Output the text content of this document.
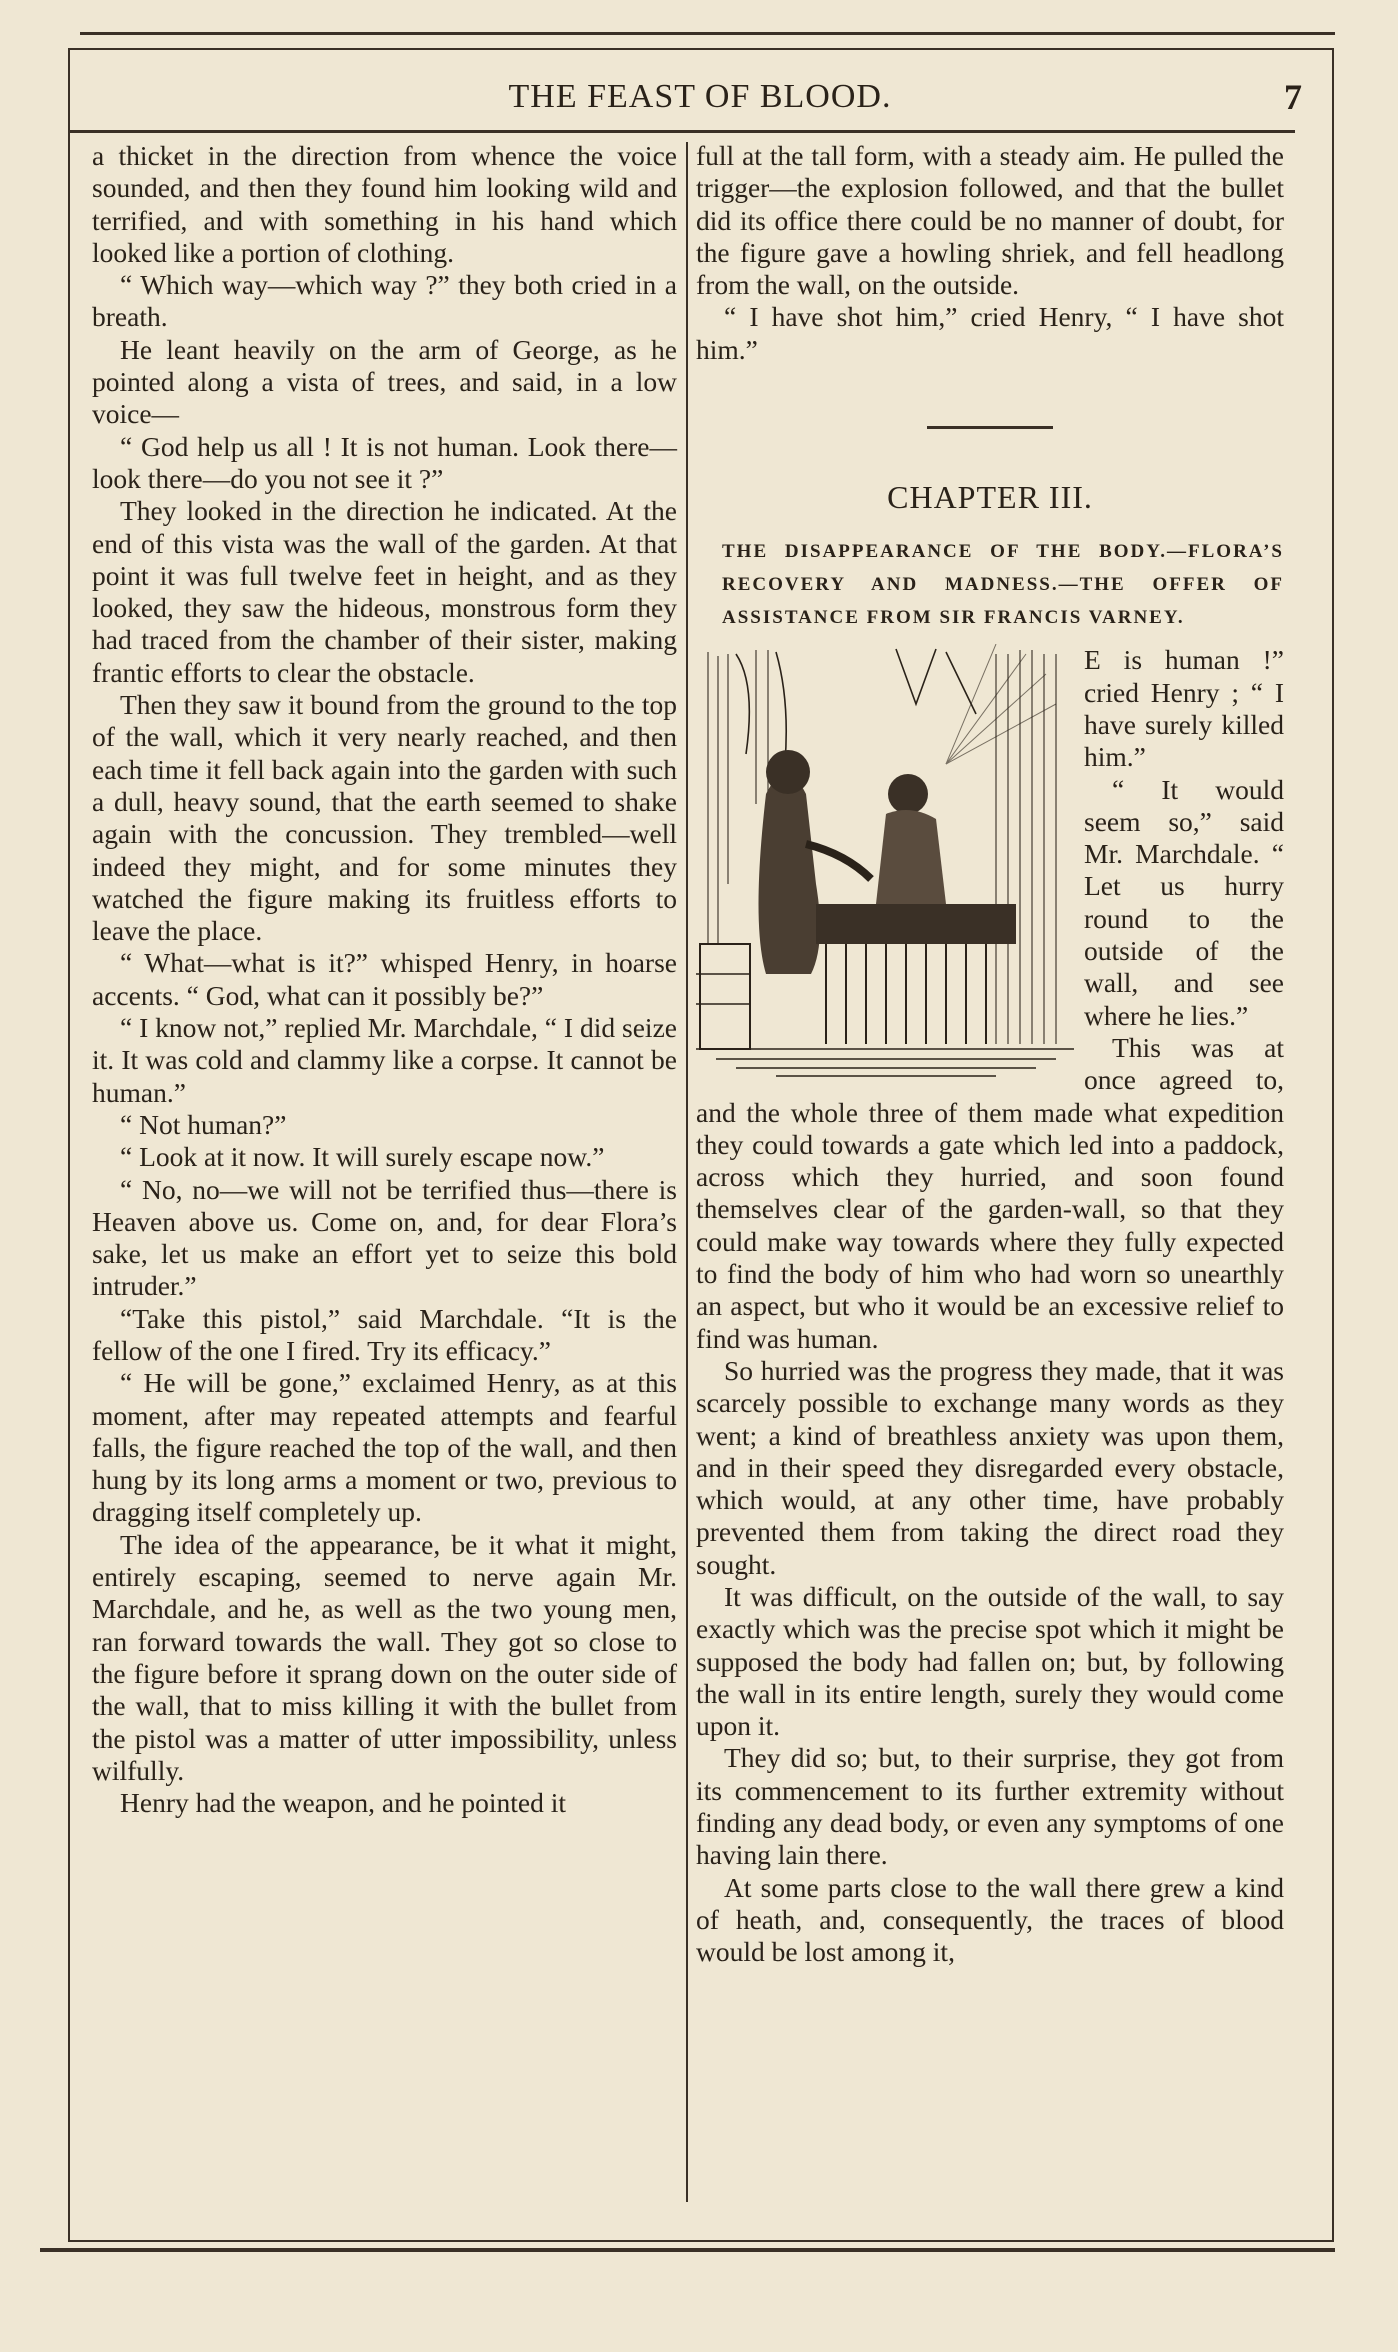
THE FEAST OF BLOOD.	7

a thicket in the direction from whence the voice sounded, and then they found him looking wild and terrified, and with something in his hand which looked like a portion of clothing.

“ Which way—which way ?” they both cried in a breath.

He leant heavily on the arm of George, as he pointed along a vista of trees, and said, in a low voice—

“ God help us all ! It is not human. Look there—look there—do you not see it ?”

They looked in the direction he indicated. At the end of this vista was the wall of the garden. At that point it was full twelve feet in height, and as they looked, they saw the hideous, monstrous form they had traced from the chamber of their sister, making frantic efforts to clear the obstacle.

Then they saw it bound from the ground to the top of the wall, which it very nearly reached, and then each time it fell back again into the garden with such a dull, heavy sound, that the earth seemed to shake again with the concussion. They trembled—well indeed they might, and for some minutes they watched the figure making its fruitless efforts to leave the place.

“ What—what is it?” whisped Henry, in hoarse accents. “ God, what can it possibly be?”

“ I know not,” replied Mr. Marchdale, “ I did seize it. It was cold and clammy like a corpse. It cannot be human.”

“ Not human?”

“ Look at it now. It will surely escape now.”

“ No, no—we will not be terrified thus—there is Heaven above us. Come on, and, for dear Flora’s sake, let us make an effort yet to seize this bold intruder.”

“Take this pistol,” said Marchdale. “It is the fellow of the one I fired. Try its efficacy.”

“ He will be gone,” exclaimed Henry, as at this moment, after may repeated attempts and fearful falls, the figure reached the top of the wall, and then hung by its long arms a moment or two, previous to dragging itself completely up.

The idea of the appearance, be it what it might, entirely escaping, seemed to nerve again Mr. Marchdale, and he, as well as the two young men, ran forward towards the wall. They got so close to the figure before it sprang down on the outer side of the wall, that to miss killing it with the bullet from the pistol was a matter of utter impossibility, unless wilfully.

Henry had the weapon, and he pointed it

full at the tall form, with a steady aim. He pulled the trigger—the explosion followed, and that the bullet did its office there could be no manner of doubt, for the figure gave a howling shriek, and fell headlong from the wall, on the outside.

“ I have shot him,” cried Henry, “ I have shot him.”

CHAPTER III.
THE DISAPPEARANCE OF THE BODY.—FLORA’S RECOVERY AND MADNESS.—THE OFFER OF ASSISTANCE FROM SIR FRANCIS VARNEY.

E is human !” cried Henry ; “ I have surely killed him.”

“ It would seem so,” said Mr. Marchdale. “ Let us hurry round to the outside of the wall, and see where he lies.”

This was at once agreed to, and the whole three of them made what expedition they could towards a gate which led into a paddock, across which they hurried, and soon found themselves clear of the garden-wall, so that they could make way towards where they fully expected to find the body of him who had worn so unearthly an aspect, but who it would be an excessive relief to find was human.

So hurried was the progress they made, that it was scarcely possible to exchange many words as they went; a kind of breathless anxiety was upon them, and in their speed they disregarded every obstacle, which would, at any other time, have probably prevented them from taking the direct road they sought.

It was difficult, on the outside of the wall, to say exactly which was the precise spot which it might be supposed the body had fallen on; but, by following the wall in its entire length, surely they would come upon it.

They did so; but, to their surprise, they got from its commencement to its further extremity without finding any dead body, or even any symptoms of one having lain there.

At some parts close to the wall there grew a kind of heath, and, consequently, the traces of blood would be lost among it,
